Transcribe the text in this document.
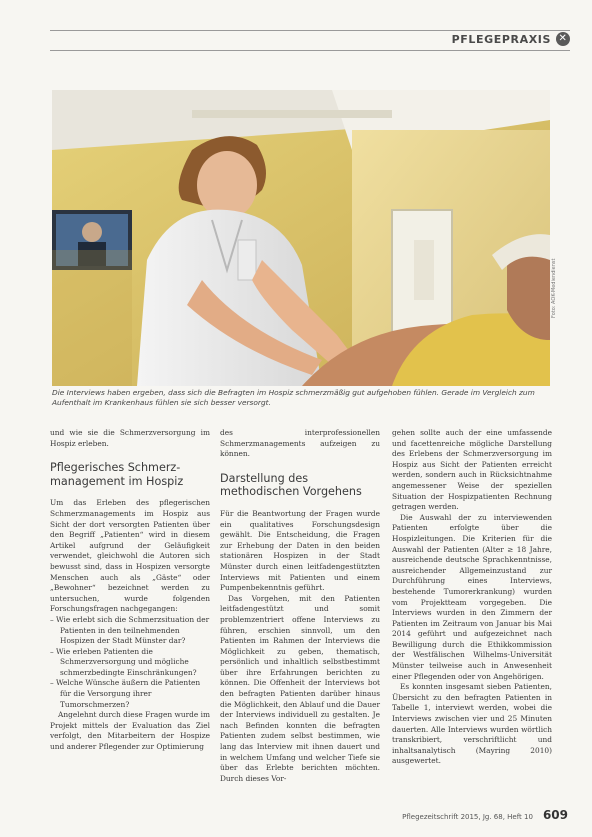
PFLEGEPRAXIS ✕
Foto: AOK-Mediendienst
Die Interviews haben ergeben, dass sich die Befragten im Hospiz schmerzmäßig gut aufgehoben fühlen. Gerade im Vergleich zum Aufenthalt im Krankenhaus fühlen sie sich besser versorgt.

und wie sie die Schmerzversorgung im Hospiz erleben.

Pflegerisches Schmerz-management im Hospiz

Um das Erleben des pflegerischen Schmerzmanagements im Hospiz aus Sicht der dort versorgten Patienten über den Begriff „Patienten“ wird in diesem Artikel aufgrund der Geläufigkeit verwendet, gleichwohl die Autoren sich bewusst sind, dass in Hospizen versorgte Menschen auch als „Gäste“ oder „Bewohner“ bezeichnet werden zu untersuchen, wurde folgenden Forschungsfragen nachgegangen:

– Wie erlebt sich die Schmerzsituation der Patienten in den teilnehmenden Hospizen der Stadt Münster dar?
– Wie erleben Patienten die Schmerzversorgung und mögliche schmerzbedingte Einschränkungen?
– Welche Wünsche äußern die Patienten für die Versorgung ihrer Tumorschmerzen?

Angelehnt durch diese Fragen wurde im Projekt mittels der Evaluation das Ziel verfolgt, den Mitarbeitern der Hospize und anderer Pflegender zur Optimierung

des interprofessionellen Schmerzmanagements aufzeigen zu können.

Darstellung des methodischen Vorgehens

Für die Beantwortung der Fragen wurde ein qualitatives Forschungsdesign gewählt. Die Entscheidung, die Fragen zur Erhebung der Daten in den beiden stationären Hospizen in der Stadt Münster durch einen leitfadengestützten Interviews mit Patienten und einem Pumpenbekenntnis geführt.

Das Vorgehen, mit den Patienten leitfadengestützt und somit problemzentriert offene Interviews zu führen, erschien sinnvoll, um den Patienten im Rahmen der Interviews die Möglichkeit zu geben, thematisch, persönlich und inhaltlich selbstbestimmt über ihre Erfahrungen berichten zu können. Die Offenheit der Interviews bot den befragten Patienten darüber hinaus die Möglichkeit, den Ablauf und die Dauer der Interviews individuell zu gestalten. Je nach Befinden konnten die befragten Patienten zudem selbst bestimmen, wie lang das Interview mit ihnen dauert und in welchem Umfang und welcher Tiefe sie über das Erlebte berichten möchten. Durch dieses Vor-

gehen sollte auch der eine umfassende und facettenreiche mögliche Darstellung des Erlebens der Schmerzversorgung im Hospiz aus Sicht der Patienten erreicht werden, sondern auch in Rücksichtnahme angemessener Weise der speziellen Situation der Hospizpatienten Rechnung getragen werden.

Die Auswahl der zu interviewenden Patienten erfolgte über die Hospizleitungen. Die Kriterien für die Auswahl der Patienten (Alter ≥ 18 Jahre, ausreichende deutsche Sprachkenntnisse, ausreichender Allgemeinzustand zur Durchführung eines Interviews, bestehende Tumorerkrankung) wurden vom Projektteam vorgegeben. Die Interviews wurden in den Zimmern der Patienten im Zeitraum von Januar bis Mai 2014 geführt und aufgezeichnet nach Bewilligung durch die Ethikkommission der Westfälischen Wilhelms-Universität Münster teilweise auch in Anwesenheit einer Pflegenden oder von Angehörigen.

Es konnten insgesamt sieben Patienten, Übersicht zu den befragten Patienten in Tabelle 1, interviewt werden, wobei die Interviews zwischen vier und 25 Minuten dauerten. Alle Interviews wurden wörtlich transkribiert, verschriftlicht und inhaltsanalytisch (Mayring 2010) ausgewertet.

Pflegezeitschrift 2015, Jg. 68, Heft 10 609
